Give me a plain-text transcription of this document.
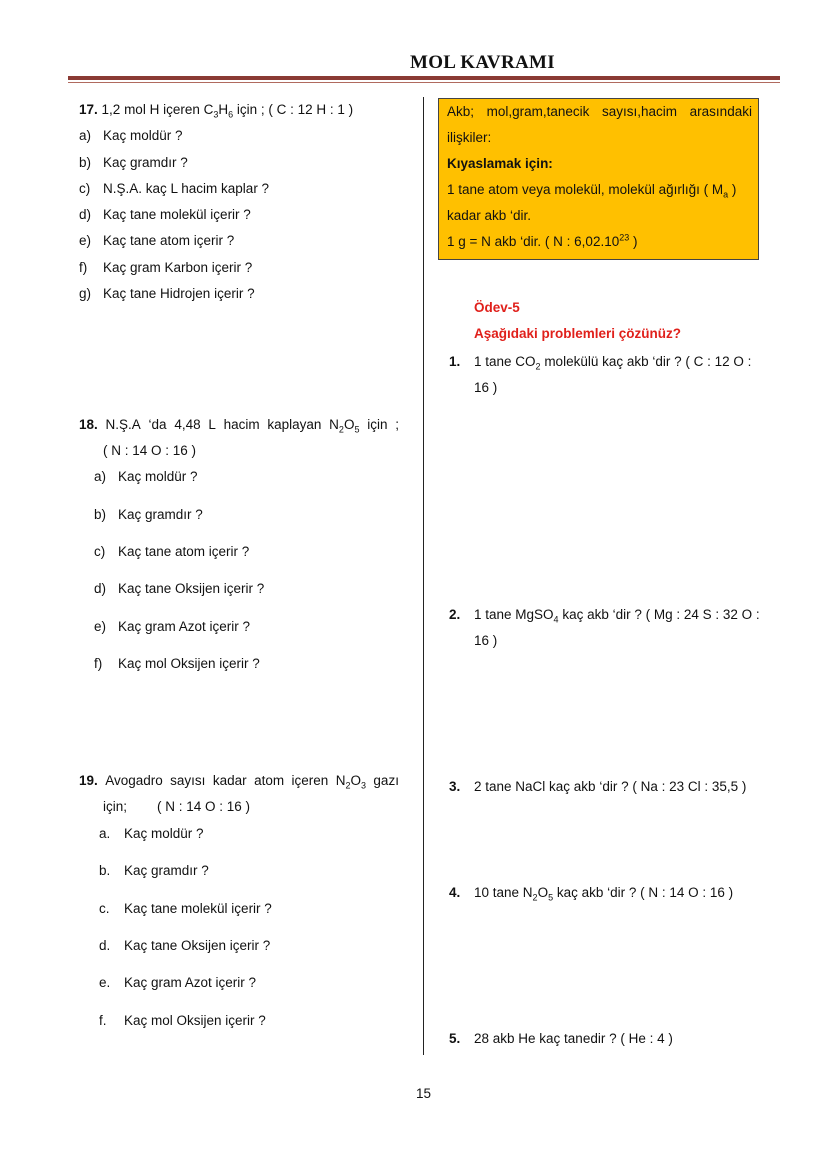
MOL KAVRAMI
17. 1,2 mol H içeren $C_3H_6$ için ; ( C : 12 H : 1 )
a) Kaç moldür ?
b) Kaç gramdır ?
c) N.Ş.A. kaç L hacim kaplar ?
d) Kaç tane molekül içerir ?
e) Kaç tane atom içerir ?
f) Kaç gram Karbon içerir ?
g) Kaç tane Hidrojen içerir ?
18. N.Ş.A ‘da 4,48 L hacim kaplayan $N_2O_5$ için ;
( N : 14 O : 16 )
a) Kaç moldür ?
b) Kaç gramdır ?
c) Kaç tane atom içerir ?
d) Kaç tane Oksijen içerir ?
e) Kaç gram Azot içerir ?
f) Kaç mol Oksijen içerir ?
19. Avogadro sayısı kadar atom içeren $N_2O_3$ gazı
için; ( N : 14 O : 16 )
a. Kaç moldür ?
b. Kaç gramdır ?
c. Kaç tane molekül içerir ?
d. Kaç tane Oksijen içerir ?
e. Kaç gram Azot içerir ?
f. Kaç mol Oksijen içerir ?
Akb; mol,gram,tanecik sayısı,hacim arasındaki
ilişkiler:
Kıyaslamak için:
1 tane atom veya molekül, molekül ağırlığı ( $M_a$ )
kadar akb ‘dir.
1 g = N akb ‘dir. ( N : 6,02.10$^{23}$ )
Ödev-5
Aşağıdaki problemleri çözünüz?
1. 1 tane $CO_2$ molekülü kaç akb ‘dir ? ( C : 12 O :
16 )
2. 1 tane MgSO$_4$ kaç akb ‘dir ? ( Mg : 24 S : 32 O :
16 )
3. 2 tane NaCl kaç akb ‘dir ? ( Na : 23 Cl : 35,5 )
4. 10 tane $N_2O_5$ kaç akb ‘dir ? ( N : 14 O : 16 )
5. 28 akb He kaç tanedir ? ( He : 4 )
15
